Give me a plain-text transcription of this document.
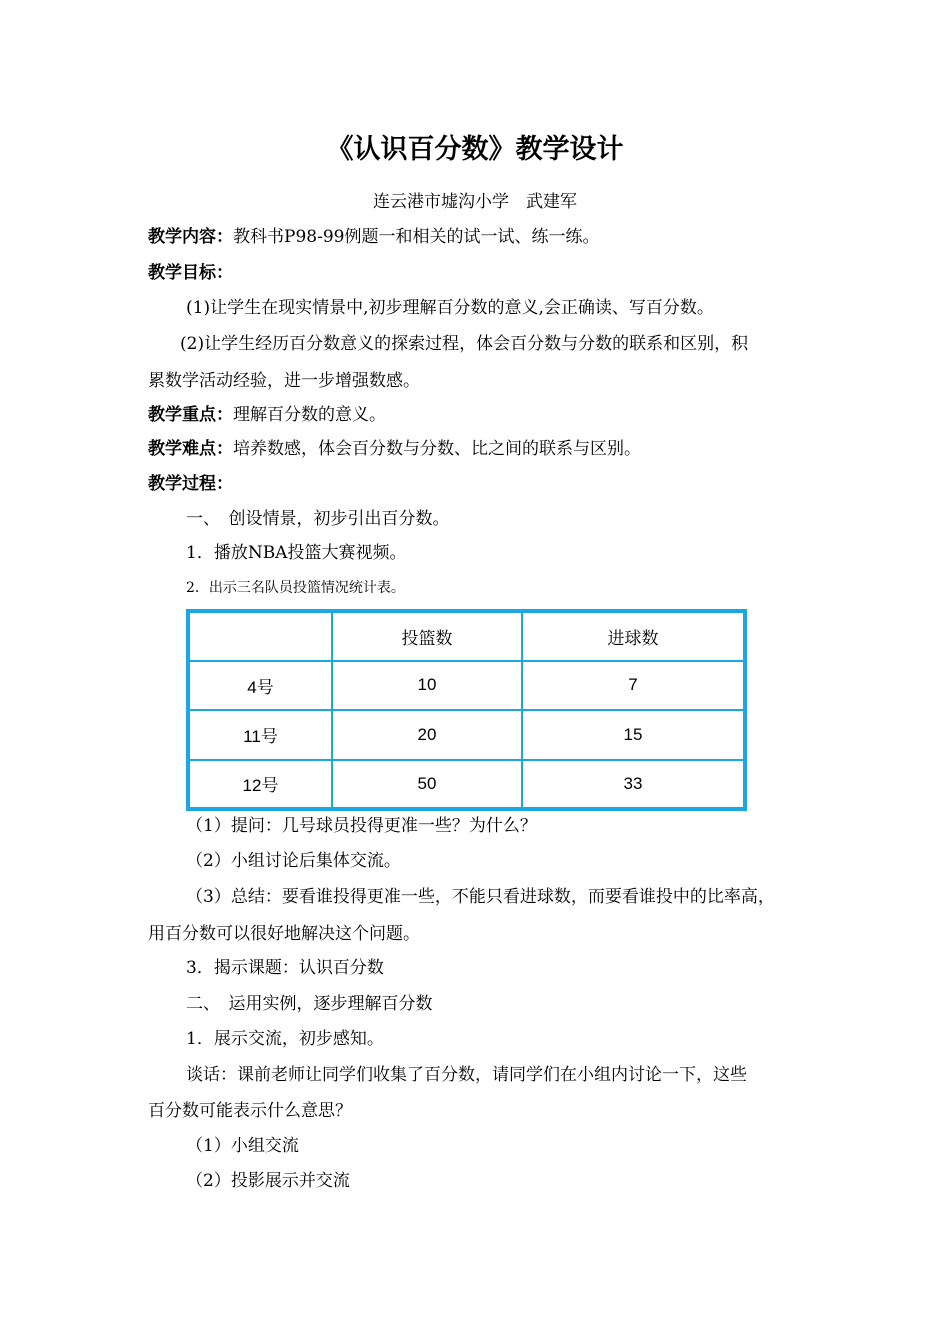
《认识百分数》教学设计
连云港市墟沟小学　武建军
教学内容：教科书P98-99例题一和相关的试一试、练一练。
教学目标：
(1)让学生在现实情景中,初步理解百分数的意义,会正确读、写百分数。
(2)让学生经历百分数意义的探索过程，体会百分数与分数的联系和区别，积
累数学活动经验，进一步增强数感。
教学重点：理解百分数的意义。
教学难点：培养数感，体会百分数与分数、比之间的联系与区别。
教学过程：
一、　创设情景，初步引出百分数。
1．播放NBA投篮大赛视频。
2．出示三名队员投篮情况统计表。
	投篮数	进球数
4号	10	7
11号	20	15
12号	50	33
（1）提问：几号球员投得更准一些？为什么？
（2）小组讨论后集体交流。
（3）总结：要看谁投得更准一些，不能只看进球数，而要看谁投中的比率高，
用百分数可以很好地解决这个问题。
3．揭示课题：认识百分数
二、　运用实例，逐步理解百分数
1．展示交流，初步感知。
谈话：课前老师让同学们收集了百分数，请同学们在小组内讨论一下，这些
百分数可能表示什么意思？
（1）小组交流
（2）投影展示并交流
